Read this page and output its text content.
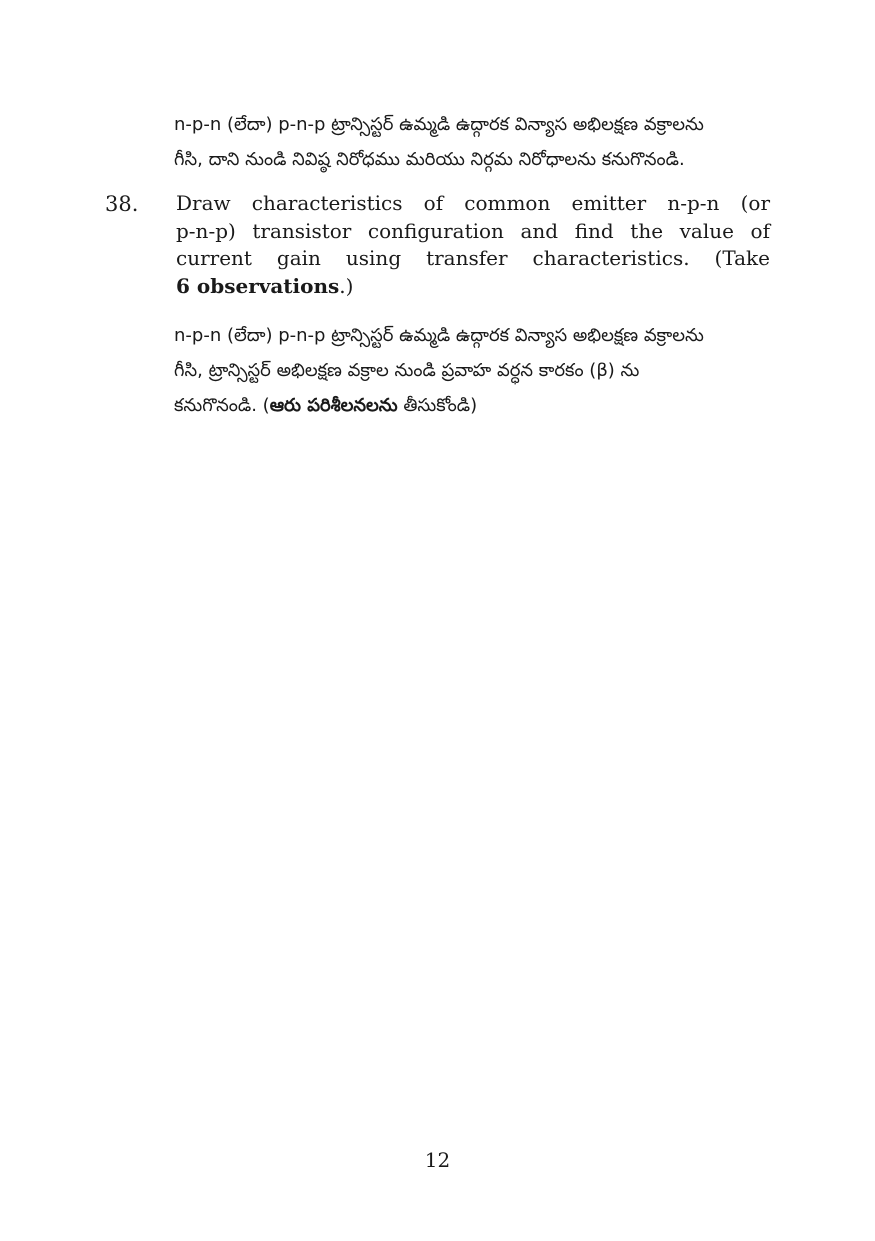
n-p-n (లేదా) p-n-p ట్రాన్సిస్టర్ ఉమ్మడి ఉద్గారక విన్యాస అభిలక్షణ వక్రాలను
గీసి, దాని నుండి నివిష్ఠ నిరోధము మరియు నిర్గమ నిరోధాలను కనుగొనండి.
38. Draw characteristics of common emitter n-p-n (or
p-n-p) transistor configuration and find the value of
current gain using transfer characteristics. (Take
6 observations.)
n-p-n (లేదా) p-n-p ట్రాన్సిస్టర్ ఉమ్మడి ఉద్గారక విన్యాస అభిలక్షణ వక్రాలను
గీసి, ట్రాన్సిస్టర్ అభిలక్షణ వక్రాల నుండి ప్రవాహ వర్ధన కారకం (β) ను
కనుగొనండి. (ఆరు పరిశీలనలను తీసుకోండి)
12
